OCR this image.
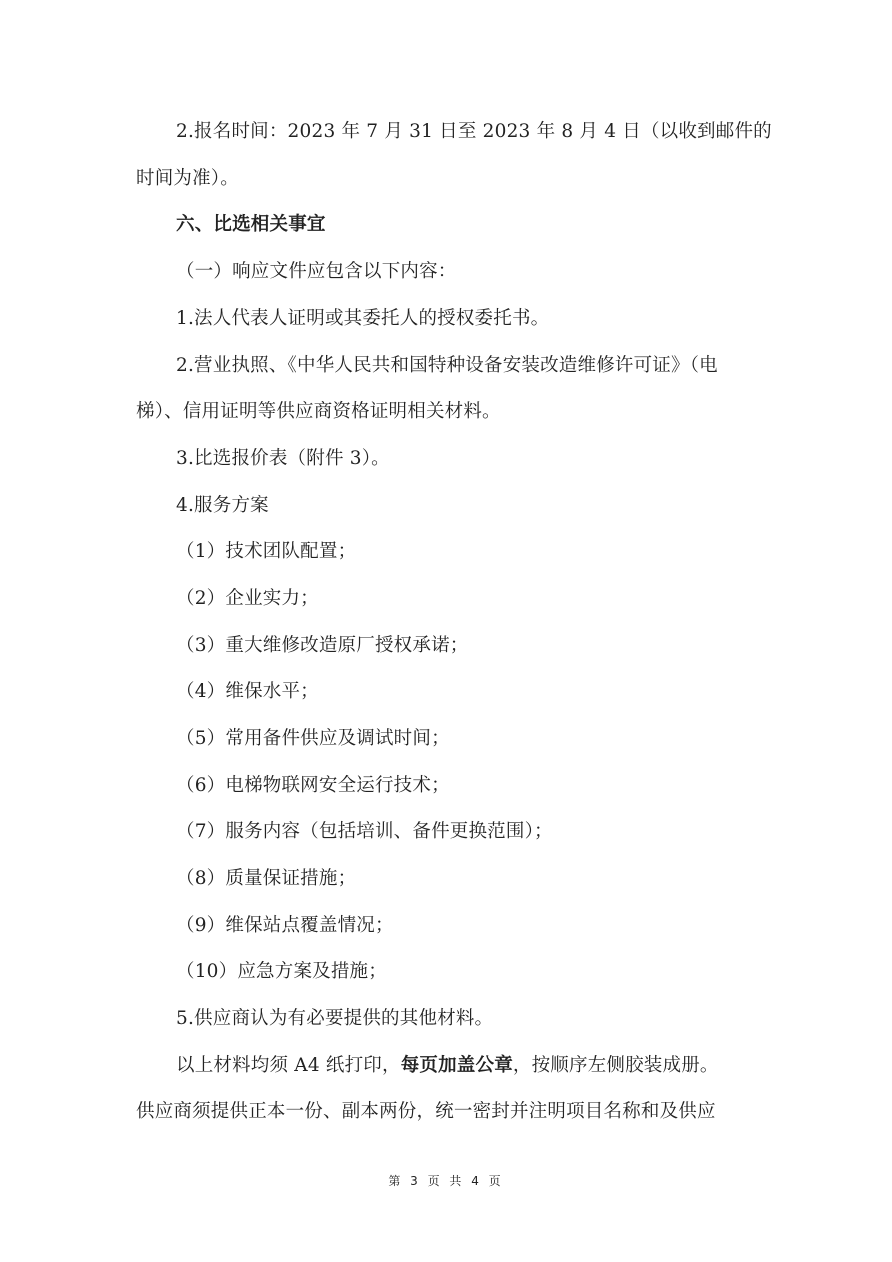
2.报名时间：2023 年 7 月 31 日至 2023 年 8 月 4 日（以收到邮件的
时间为准）。
六、比选相关事宜
（一）响应文件应包含以下内容：
1.法人代表人证明或其委托人的授权委托书。
2.营业执照、《中华人民共和国特种设备安装改造维修许可证》（电
梯）、信用证明等供应商资格证明相关材料。
3.比选报价表（附件 3）。
4.服务方案
（1）技术团队配置；
（2）企业实力；
（3）重大维修改造原厂授权承诺；
（4）维保水平；
（5）常用备件供应及调试时间；
（6）电梯物联网安全运行技术；
（7）服务内容（包括培训、备件更换范围）；
（8）质量保证措施；
（9）维保站点覆盖情况；
（10）应急方案及措施；
5.供应商认为有必要提供的其他材料。
以上材料均须 A4 纸打印，每页加盖公章，按顺序左侧胶装成册。
供应商须提供正本一份、副本两份，统一密封并注明项目名称和及供应
第 3 页 共 4 页
